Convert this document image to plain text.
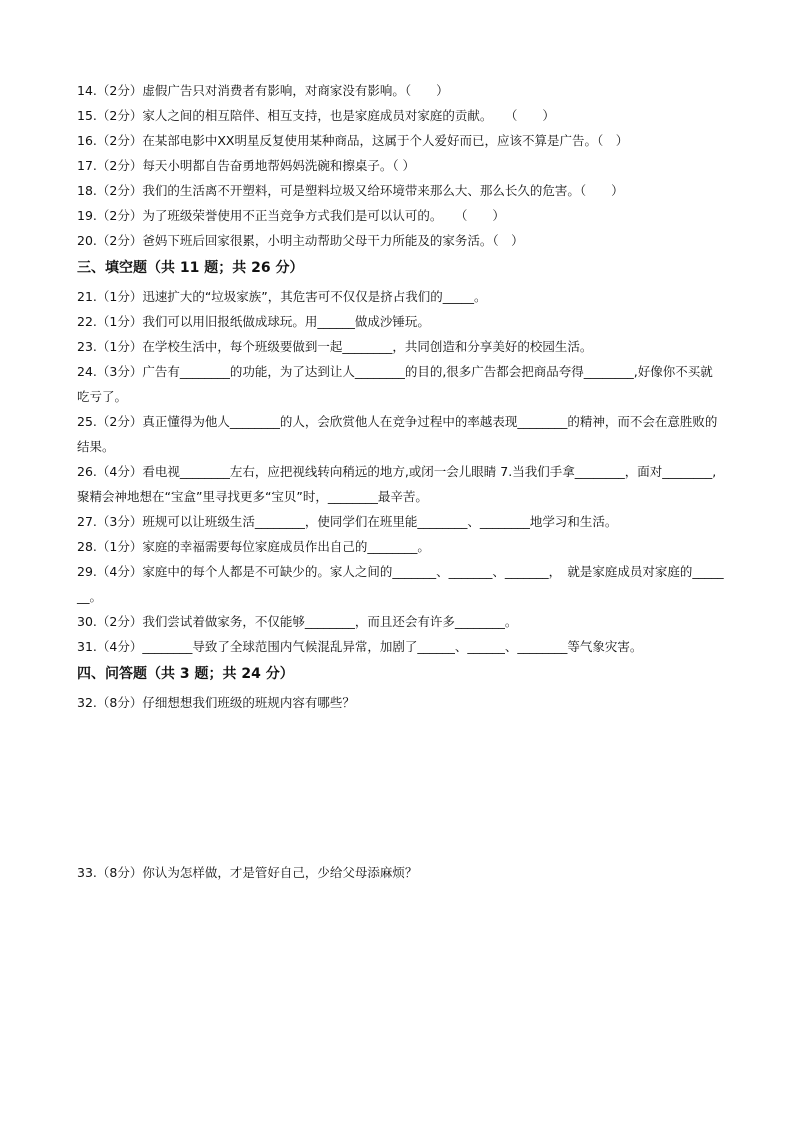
14.（2分）虚假广告只对消费者有影响，对商家没有影响。（　　）
15.（2分）家人之间的相互陪伴、相互支持，也是家庭成员对家庭的贡献。　　（　　）
16.（2分）在某部电影中XX明星反复使用某种商品，这属于个人爱好而已，应该不算是广告。（　）
17.（2分）每天小明都自告奋勇地帮妈妈洗碗和擦桌子。（ ）
18.（2分）我们的生活离不开塑料，可是塑料垃圾又给环境带来那么大、那么长久的危害。（　　）
19.（2分）为了班级荣誉使用不正当竞争方式我们是可以认可的。　　（　　）
20.（2分）爸妈下班后回家很累，小明主动帮助父母干力所能及的家务活。（　）
三、填空题（共 11 题；共 26 分）
21.（1分）迅速扩大的“垃圾家族”，其危害可不仅仅是挤占我们的_____。
22.（1分）我们可以用旧报纸做成球玩。用______做成沙锤玩。
23.（1分）在学校生活中，每个班级要做到一起________，共同创造和分享美好的校园生活。
24.（3分）广告有________的功能，为了达到让人________的目的,很多广告都会把商品夸得________,好像你不买就吃亏了。
25.（2分）真正懂得为他人________的人，会欣赏他人在竞争过程中的率越表现________的精神，而不会在意胜败的结果。
26.（4分）看电视________左右，应把视线转向稍远的地方,或闭一会儿眼睛 7.当我们手拿________，面对________,聚精会神地想在“宝盒”里寻找更多“宝贝”时，________最辛苦。
27.（3分）班规可以让班级生活________，使同学们在班里能________、________地学习和生活。
28.（1分）家庭的幸福需要每位家庭成员作出自己的________。
29.（4分）家庭中的每个人都是不可缺少的。家人之间的_______、_______、_______，　就是家庭成员对家庭的_______。
30.（2分）我们尝试着做家务，不仅能够________，而且还会有许多________。
31.（4分）________导致了全球范围内气候混乱异常，加剧了______、______、________等气象灾害。
四、问答题（共 3 题；共 24 分）
32.（8分）仔细想想我们班级的班规内容有哪些？
33.（8分）你认为怎样做，才是管好自己，少给父母添麻烦？
